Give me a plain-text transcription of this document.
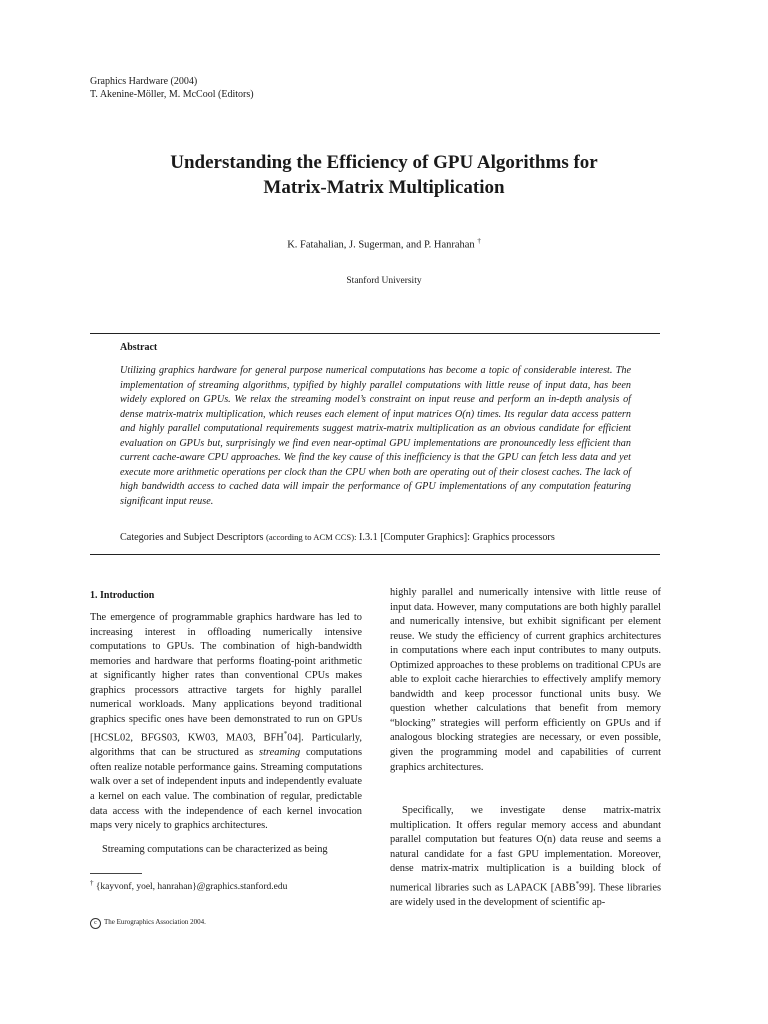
Graphics Hardware (2004)
T. Akenine-Möller, M. McCool (Editors)
Understanding the Efficiency of GPU Algorithms for
Matrix-Matrix Multiplication
K. Fatahalian, J. Sugerman, and P. Hanrahan †
Stanford University
Abstract
Utilizing graphics hardware for general purpose numerical computations has become a topic of considerable interest. The implementation of streaming algorithms, typified by highly parallel computations with little reuse of input data, has been widely explored on GPUs. We relax the streaming model’s constraint on input reuse and perform an in-depth analysis of dense matrix-matrix multiplication, which reuses each element of input matrices O(n) times. Its regular data access pattern and highly parallel computational requirements suggest matrix-matrix multiplication as an obvious candidate for efficient evaluation on GPUs but, surprisingly we find even near-optimal GPU implementations are pronouncedly less efficient than current cache-aware CPU approaches. We find the key cause of this inefficiency is that the GPU can fetch less data and yet execute more arithmetic operations per clock than the CPU when both are operating out of their closest caches. The lack of high bandwidth access to cached data will impair the performance of GPU implementations of any computation featuring significant input reuse.
Categories and Subject Descriptors (according to ACM CCS): I.3.1 [Computer Graphics]: Graphics processors
1. Introduction

The emergence of programmable graphics hardware has led to increasing interest in offloading numerically intensive computations to GPUs. The combination of high-bandwidth memories and hardware that performs floating-point arithmetic at significantly higher rates than conventional CPUs makes graphics processors attractive targets for highly parallel numerical workloads. Many applications beyond traditional graphics specific ones have been demonstrated to run on GPUs [HCSL02, BFGS03, KW03, MA03, BFH*04]. Particularly, algorithms that can be structured as streaming computations often realize notable performance gains. Streaming computations walk over a set of independent inputs and independently evaluate a kernel on each value. The combination of regular, predictable data access with the independence of each kernel invocation maps very nicely to graphics architectures.

Streaming computations can be characterized as being

highly parallel and numerically intensive with little reuse of input data. However, many computations are both highly parallel and numerically intensive, but exhibit significant per element reuse. We study the efficiency of current graphics architectures in computations where each input contributes to many outputs. Optimized approaches to these problems on traditional CPUs are able to exploit cache hierarchies to effectively amplify memory bandwidth and keep processor functional units busy. We question whether calculations that benefit from memory “blocking” strategies will perform efficiently on GPUs and if analogous blocking strategies are necessary, or even possible, given the programming model and capabilities of current graphics architectures.

Specifically, we investigate dense matrix-matrix multiplication. It offers regular memory access and abundant parallel computation but features O(n) data reuse and seems a natural candidate for a fast GPU implementation. Moreover, dense matrix-matrix multiplication is a building block of numerical libraries such as LAPACK [ABB*99]. These libraries are widely used in the development of scientific ap-

† {kayvonf, yoel, hanrahan}@graphics.stanford.edu
c The Eurographics Association 2004.
